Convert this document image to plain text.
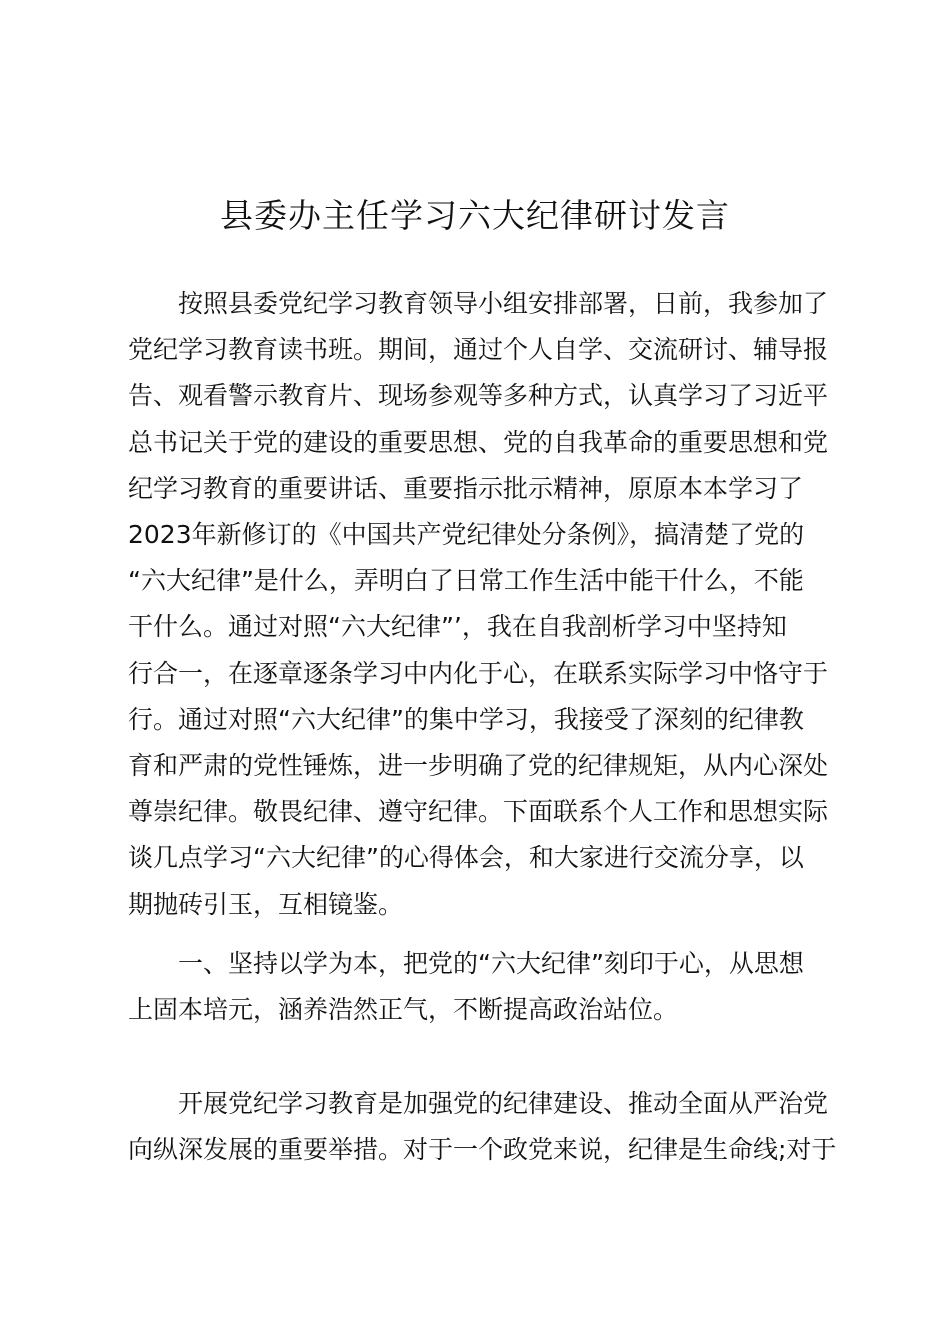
县委办主任学习六大纪律研讨发言

按照县委党纪学习教育领导小组安排部署，日前，我参加了
党纪学习教育读书班。期间，通过个人自学、交流研讨、辅导报
告、观看警示教育片、现场参观等多种方式，认真学习了习近平
总书记关于党的建设的重要思想、党的自我革命的重要思想和党
纪学习教育的重要讲话、重要指示批示精神，原原本本学习了
2023年新修订的《中国共产党纪律处分条例》，搞清楚了党的
“六大纪律”是什么，弄明白了日常工作生活中能干什么，不能
干什么。通过对照“六大纪律”’，我在自我剖析学习中坚持知
行合一，在逐章逐条学习中内化于心，在联系实际学习中恪守于
行。通过对照“六大纪律”的集中学习，我接受了深刻的纪律教
育和严肃的党性锤炼，进一步明确了党的纪律规矩，从内心深处
尊崇纪律。敬畏纪律、遵守纪律。下面联系个人工作和思想实际
谈几点学习“六大纪律”的心得体会，和大家进行交流分享，以
期抛砖引玉，互相镜鉴。

一、坚持以学为本，把党的“六大纪律”刻印于心，从思想
上固本培元，涵养浩然正气，不断提高政治站位。

开展党纪学习教育是加强党的纪律建设、推动全面从严治党
向纵深发展的重要举措。对于一个政党来说，纪律是生命线;对于
